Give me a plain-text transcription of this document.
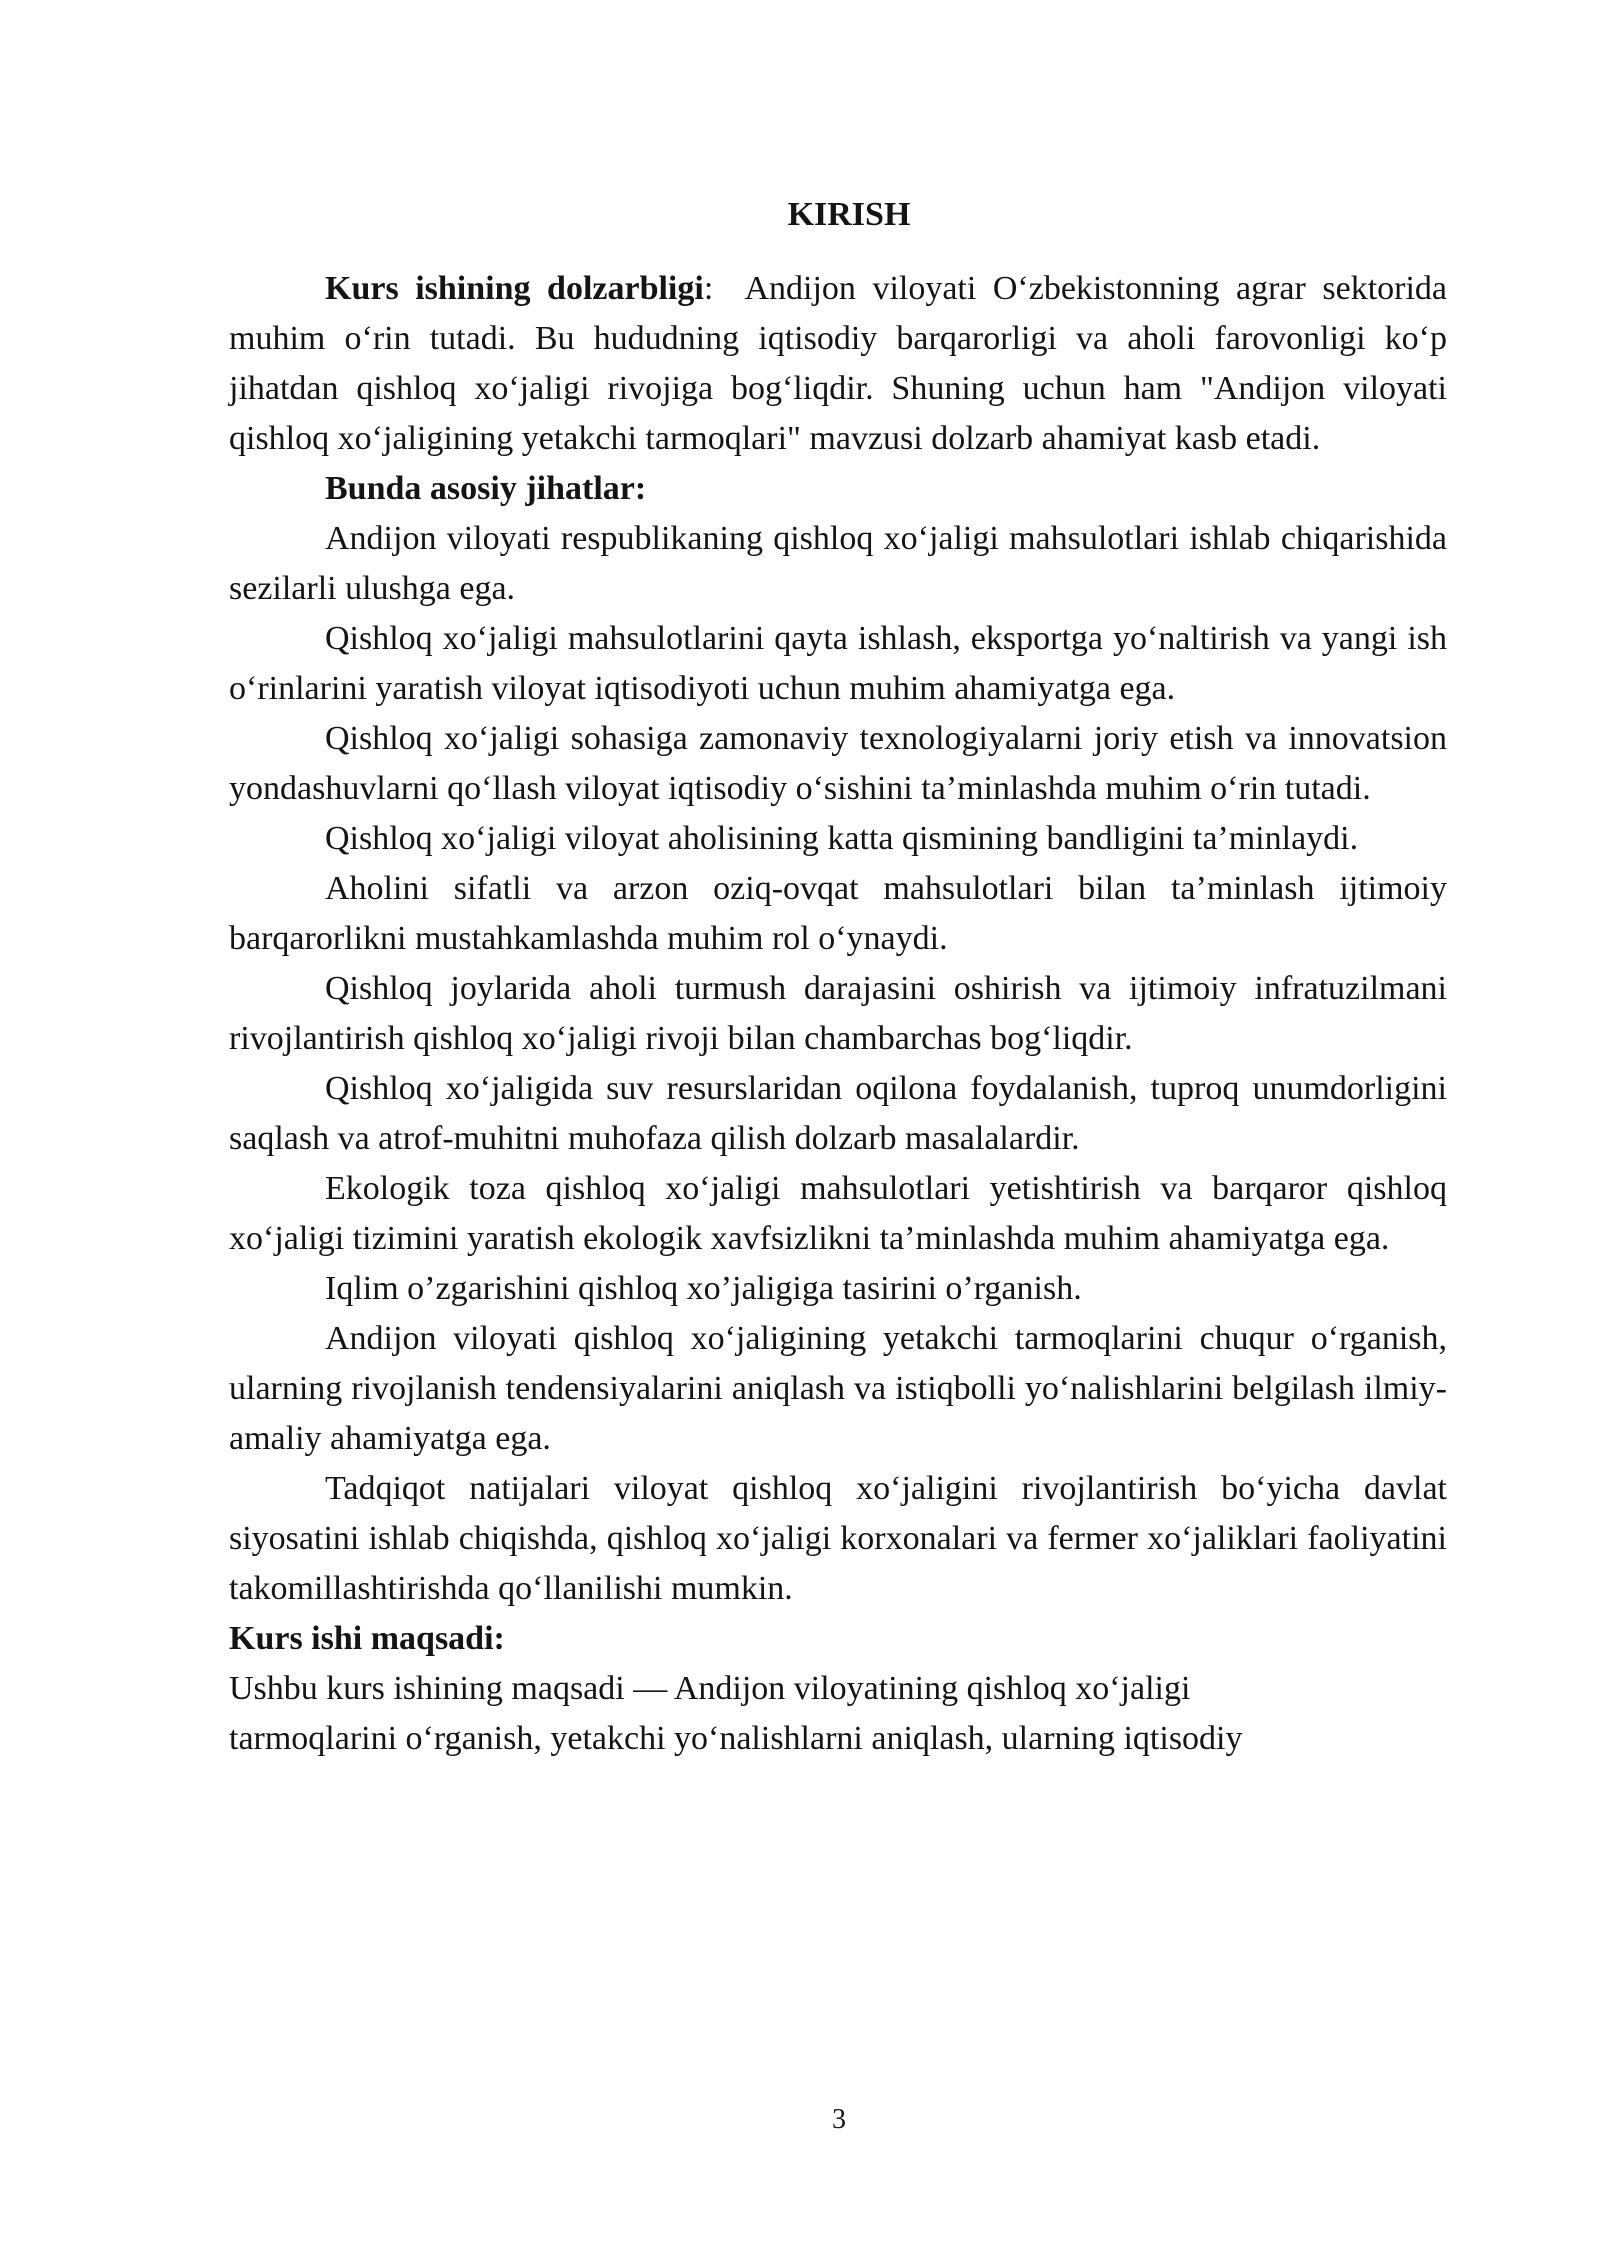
KIRISH

Kurs ishining dolzarbligi:  Andijon viloyati O‘zbekistonning agrar sektorida muhim o‘rin tutadi. Bu hududning iqtisodiy barqarorligi va aholi farovonligi ko‘p jihatdan qishloq xo‘jaligi rivojiga bog‘liqdir. Shuning uchun ham "Andijon viloyati qishloq xo‘jaligining yetakchi tarmoqlari" mavzusi dolzarb ahamiyat kasb etadi.

Bunda asosiy jihatlar:

Andijon viloyati respublikaning qishloq xo‘jaligi mahsulotlari ishlab chiqarishida sezilarli ulushga ega.

Qishloq xo‘jaligi mahsulotlarini qayta ishlash, eksportga yo‘naltirish va yangi ish o‘rinlarini yaratish viloyat iqtisodiyoti uchun muhim ahamiyatga ega.

Qishloq xo‘jaligi sohasiga zamonaviy texnologiyalarni joriy etish va innovatsion yondashuvlarni qo‘llash viloyat iqtisodiy o‘sishini ta’minlashda muhim o‘rin tutadi.

Qishloq xo‘jaligi viloyat aholisining katta qismining bandligini ta’minlaydi.

Aholini sifatli va arzon oziq-ovqat mahsulotlari bilan ta’minlash ijtimoiy barqarorlikni mustahkamlashda muhim rol o‘ynaydi.

Qishloq joylarida aholi turmush darajasini oshirish va ijtimoiy infratuzilmani rivojlantirish qishloq xo‘jaligi rivoji bilan chambarchas bog‘liqdir.

Qishloq xo‘jaligida suv resurslaridan oqilona foydalanish, tuproq unumdorligini saqlash va atrof-muhitni muhofaza qilish dolzarb masalalardir.

Ekologik toza qishloq xo‘jaligi mahsulotlari yetishtirish va barqaror qishloq xo‘jaligi tizimini yaratish ekologik xavfsizlikni ta’minlashda muhim ahamiyatga ega.

Iqlim o’zgarishini qishloq xo’jaligiga tasirini o’rganish.

Andijon viloyati qishloq xo‘jaligining yetakchi tarmoqlarini chuqur o‘rganish, ularning rivojlanish tendensiyalarini aniqlash va istiqbolli yo‘nalishlarini belgilash ilmiy-amaliy ahamiyatga ega.

Tadqiqot natijalari viloyat qishloq xo‘jaligini rivojlantirish bo‘yicha davlat siyosatini ishlab chiqishda, qishloq xo‘jaligi korxonalari va fermer xo‘jaliklari faoliyatini takomillashtirishda qo‘llanilishi mumkin.

Kurs ishi maqsadi:

Ushbu kurs ishining maqsadi — Andijon viloyatining qishloq xo‘jaligi

tarmoqlarini o‘rganish, yetakchi yo‘nalishlarni aniqlash, ularning iqtisodiy

3
